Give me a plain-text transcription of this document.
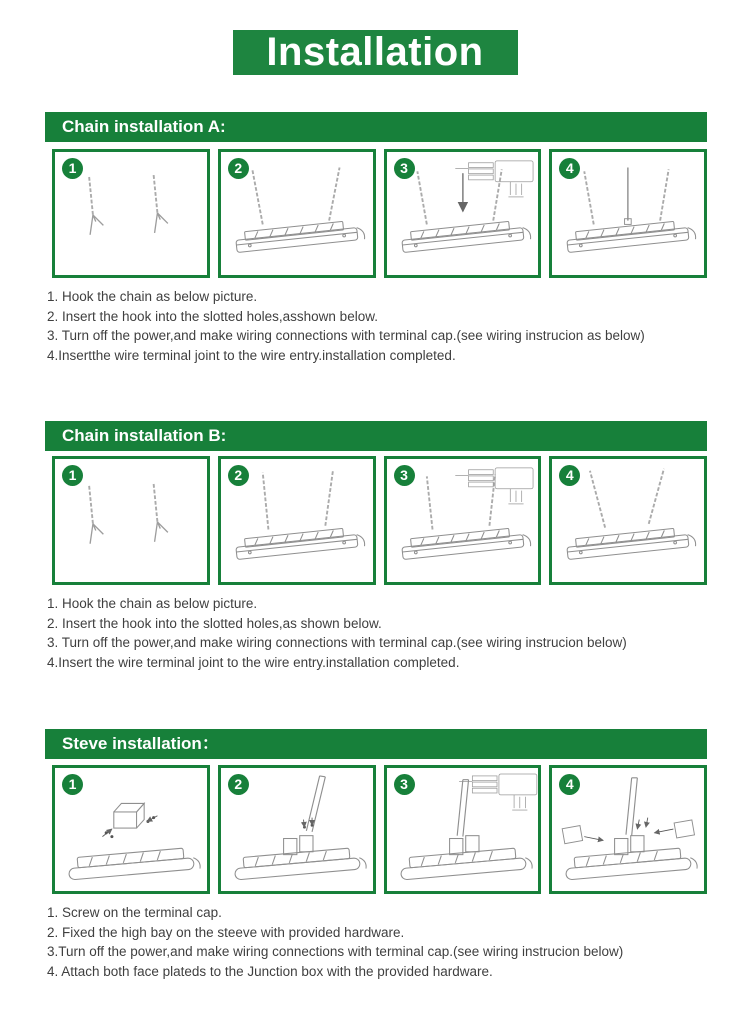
Installation
Chain installation A:
1	2	3	4
1. Hook the chain as below picture.
2. Insert the hook into the slotted holes,asshown below.
3. Turn off the power,and make wiring connections with terminal cap.(see wiring instrucion as below)
4.Insertthe wire terminal joint to the wire entry.installation completed.
Chain installation B:
1	2	3	4
1. Hook the chain as below picture.
2. Insert the hook into the slotted holes,as shown below.
3. Turn off the power,and make wiring connections with terminal cap.(see wiring instrucion below)
4.Insert the wire terminal joint to the wire entry.installation completed.
Steve installation：
1	2	3	4
1. Screw on the terminal cap.
2. Fixed the high bay on the steeve with provided hardware.
3.Turn off the power,and make wiring connections with terminal cap.(see wiring instrucion below)
4. Attach both face plateds to the Junction box with the provided hardware.
